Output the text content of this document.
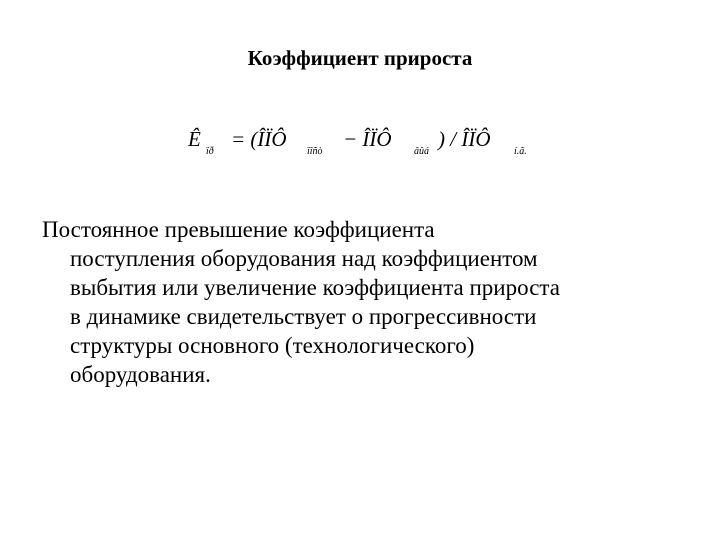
Коэффициент прироста
Ê
ïð
= (ÎÏÔ
ïîñò
− ÎÏÔ
âûá
) / ÎÏÔ
í.ã.

Постоянное превышение коэффициента
поступления оборудования над коэффициентом
выбытия или увеличение коэффициента прироста
в динамике свидетельствует о прогрессивности
структуры основного (технологического)
оборудования.
